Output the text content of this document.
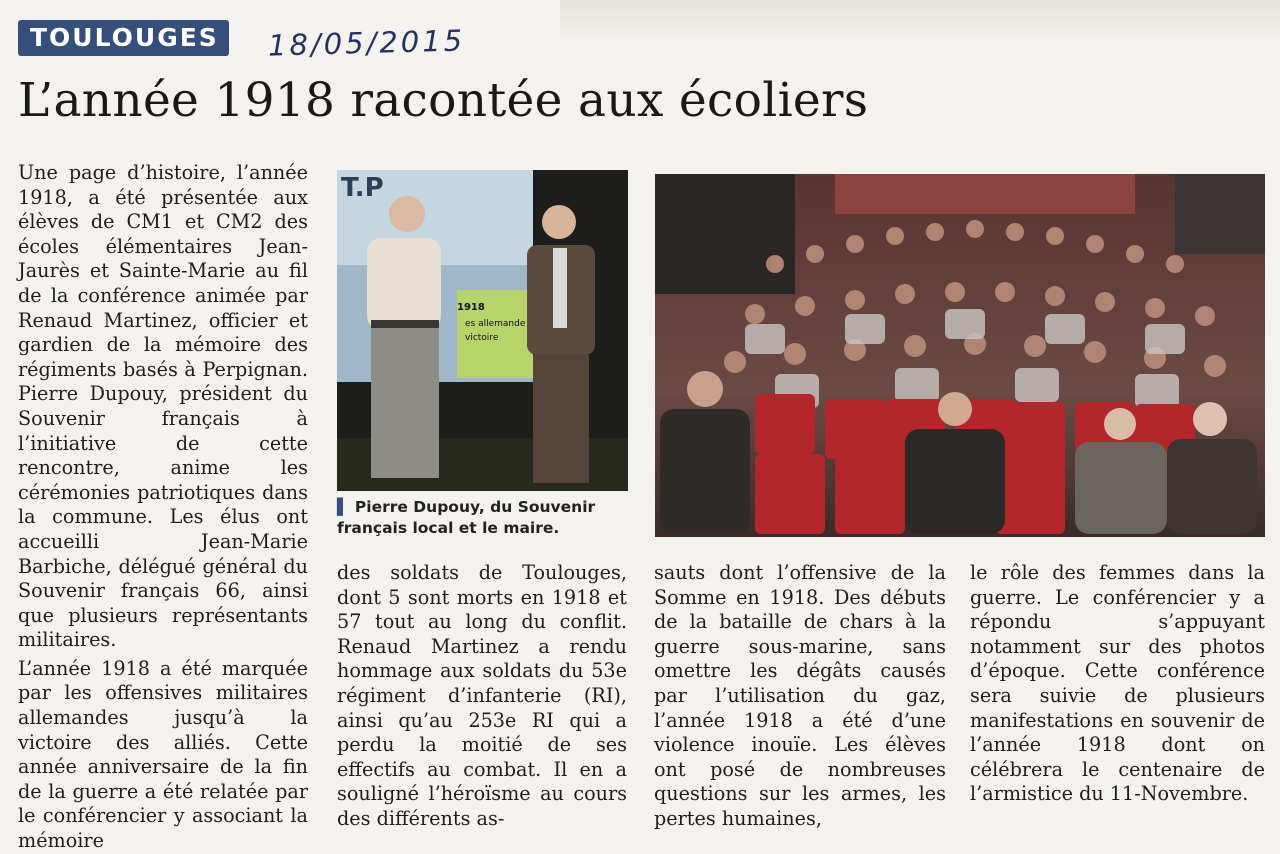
TOULOUGES	18/05/2015
L’année 1918 racontée aux écoliers

Une page d’histoire, l’année 1918, a été présentée aux élèves de CM1 et CM2 des écoles élémentaires Jean-Jaurès et Sainte-Marie au fil de la conférence animée par Renaud Martinez, officier et gardien de la mémoire des régiments basés à Perpignan. Pierre Dupouy, président du Souvenir français à l’initiative de cette rencontre, anime les cérémonies patriotiques dans la commune. Les élus ont accueilli Jean-Marie Barbiche, délégué général du Souvenir français 66, ainsi que plusieurs représentants militaires.

L’année 1918 a été marquée par les offensives militaires allemandes jusqu’à la victoire des alliés. Cette année anniversaire de la fin de la guerre a été relatée par le conférencier y associant la mémoire

1918
es allemande
victoire
T.P
▌ Pierre Dupouy, du Souvenir français local et le maire.

des soldats de Toulouges, dont 5 sont morts en 1918 et 57 tout au long du conflit. Renaud Martinez a rendu hommage aux soldats du 53e régiment d’infanterie (RI), ainsi qu’au 253e RI qui a perdu la moitié de ses effectifs au combat. Il en a souligné l’héroïsme au cours des différents as-

sauts dont l’offensive de la Somme en 1918. Des débuts de la bataille de chars à la guerre sous-marine, sans omettre les dégâts causés par l’utilisation du gaz, l’année 1918 a été d’une violence inouïe. Les élèves ont posé de nombreuses questions sur les armes, les pertes humaines,

le rôle des femmes dans la guerre. Le conférencier y a répondu s’appuyant notamment sur des photos d’époque. Cette conférence sera suivie de plusieurs manifestations en souvenir de l’année 1918 dont on célébrera le centenaire de l’armistice du 11-Novembre.
